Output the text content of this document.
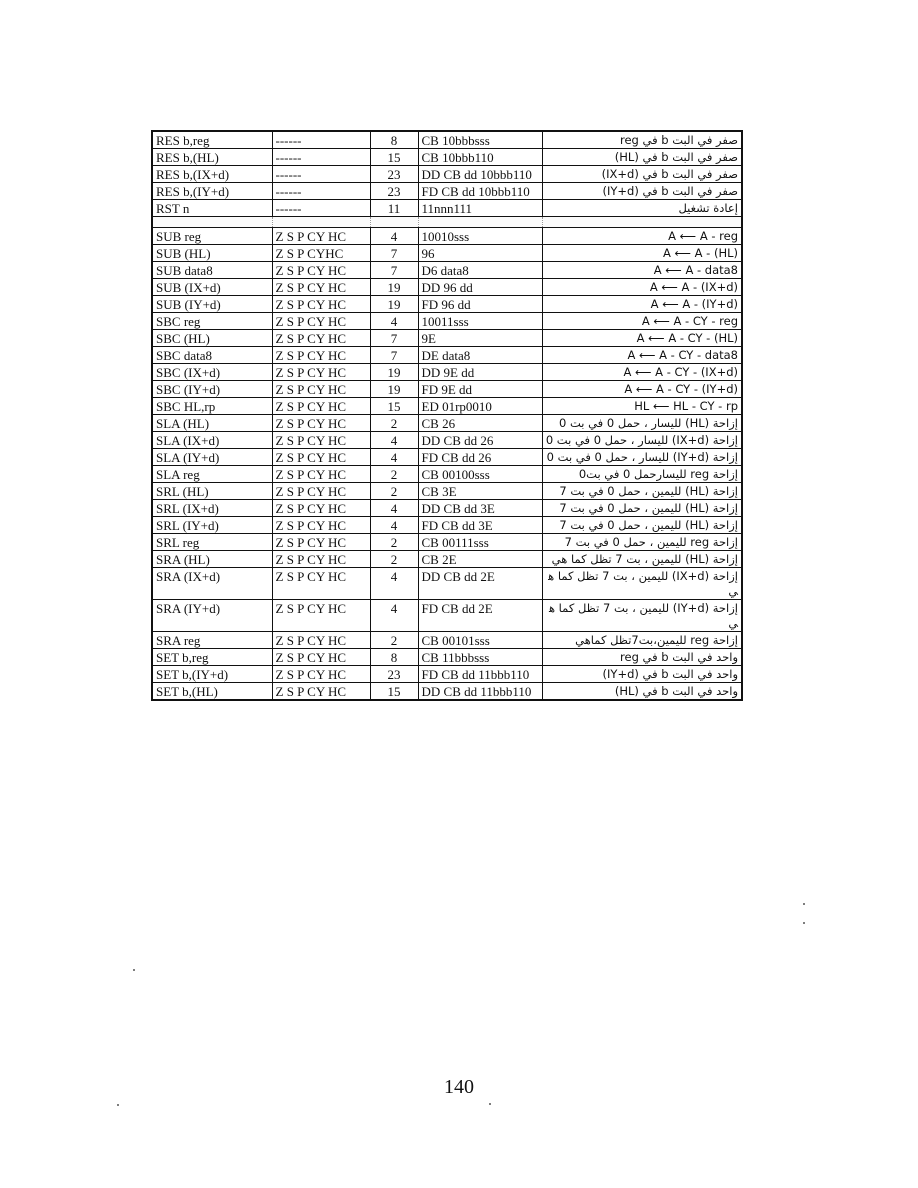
RES b,reg	------	8	CB 10bbbsss	صفر في البت b في reg
RES b,(HL)	------	15	CB 10bbb110	صفر في البت b في (HL)
RES b,(IX+d)	------	23	DD CB dd 10bbb110	صفر في البت b في (IX+d)
RES b,(IY+d)	------	23	FD CB dd 10bbb110	صفر في البت b في (IY+d)
RST n	------	11	11nnn111	إعادة تشغيل

SUB reg	Z S P CY HC	4	10010sss	A ⟵ A - reg
SUB (HL)	Z S P CYHC	7	96	A ⟵ A - (HL)
SUB data8	Z S P CY HC	7	D6 data8	A ⟵ A - data8
SUB (IX+d)	Z S P CY HC	19	DD 96 dd	A ⟵ A - (IX+d)
SUB (IY+d)	Z S P CY HC	19	FD 96 dd	A ⟵ A - (IY+d)
SBC reg	Z S P CY HC	4	10011sss	A ⟵ A - CY - reg
SBC (HL)	Z S P CY HC	7	9E	A ⟵ A - CY - (HL)
SBC data8	Z S P CY HC	7	DE data8	A ⟵ A - CY - data8
SBC (IX+d)	Z S P CY HC	19	DD 9E dd	A ⟵ A - CY - (IX+d)
SBC (IY+d)	Z S P CY HC	19	FD 9E dd	A ⟵ A - CY - (IY+d)
SBC HL,rp	Z S P CY HC	15	ED 01rp0010	HL ⟵ HL - CY - rp
SLA (HL)	Z S P CY HC	2	CB 26	إزاحة (HL) لليسار ، حمل 0 في بت 0
SLA (IX+d)	Z S P CY HC	4	DD CB dd 26	إزاحة (IX+d) لليسار ، حمل 0 في بت 0
SLA (IY+d)	Z S P CY HC	4	FD CB dd 26	إزاحة (IY+d) لليسار ، حمل 0 في بت 0
SLA reg	Z S P CY HC	2	CB 00100sss	إزاحة reg لليسارحمل 0 في بت0
SRL (HL)	Z S P CY HC	2	CB 3E	إزاحة (HL) لليمين ، حمل 0 في بت 7
SRL (IX+d)	Z S P CY HC	4	DD CB dd 3E	إزاحة (HL) لليمين ، حمل 0 في بت 7
SRL (IY+d)	Z S P CY HC	4	FD CB dd 3E	إزاحة (HL) لليمين ، حمل 0 في بت 7
SRL reg	Z S P CY HC	2	CB 00111sss	إزاحة reg لليمين ، حمل 0 في بت 7
SRA (HL)	Z S P CY HC	2	CB 2E	إزاحة (HL) لليمين ، بت 7 تظل كما هي
SRA (IX+d)	Z S P CY HC	4	DD CB dd 2E	إزاحة (IX+d) لليمين ، بت 7 تظل كما هي
SRA (IY+d)	Z S P CY HC	4	FD CB dd 2E	إزاحة (IY+d) لليمين ، بت 7 تظل كما هي
SRA reg	Z S P CY HC	2	CB 00101sss	إزاحة reg لليمين،بت7تظل كماهي
SET b,reg	Z S P CY HC	8	CB 11bbbsss	واحد في البت b في reg
SET b,(IY+d)	Z S P CY HC	23	FD CB dd 11bbb110	واحد في البت b في (IY+d)
SET b,(HL)	Z S P CY HC	15	DD CB dd 11bbb110	واحد في البت b في (HL)
140
